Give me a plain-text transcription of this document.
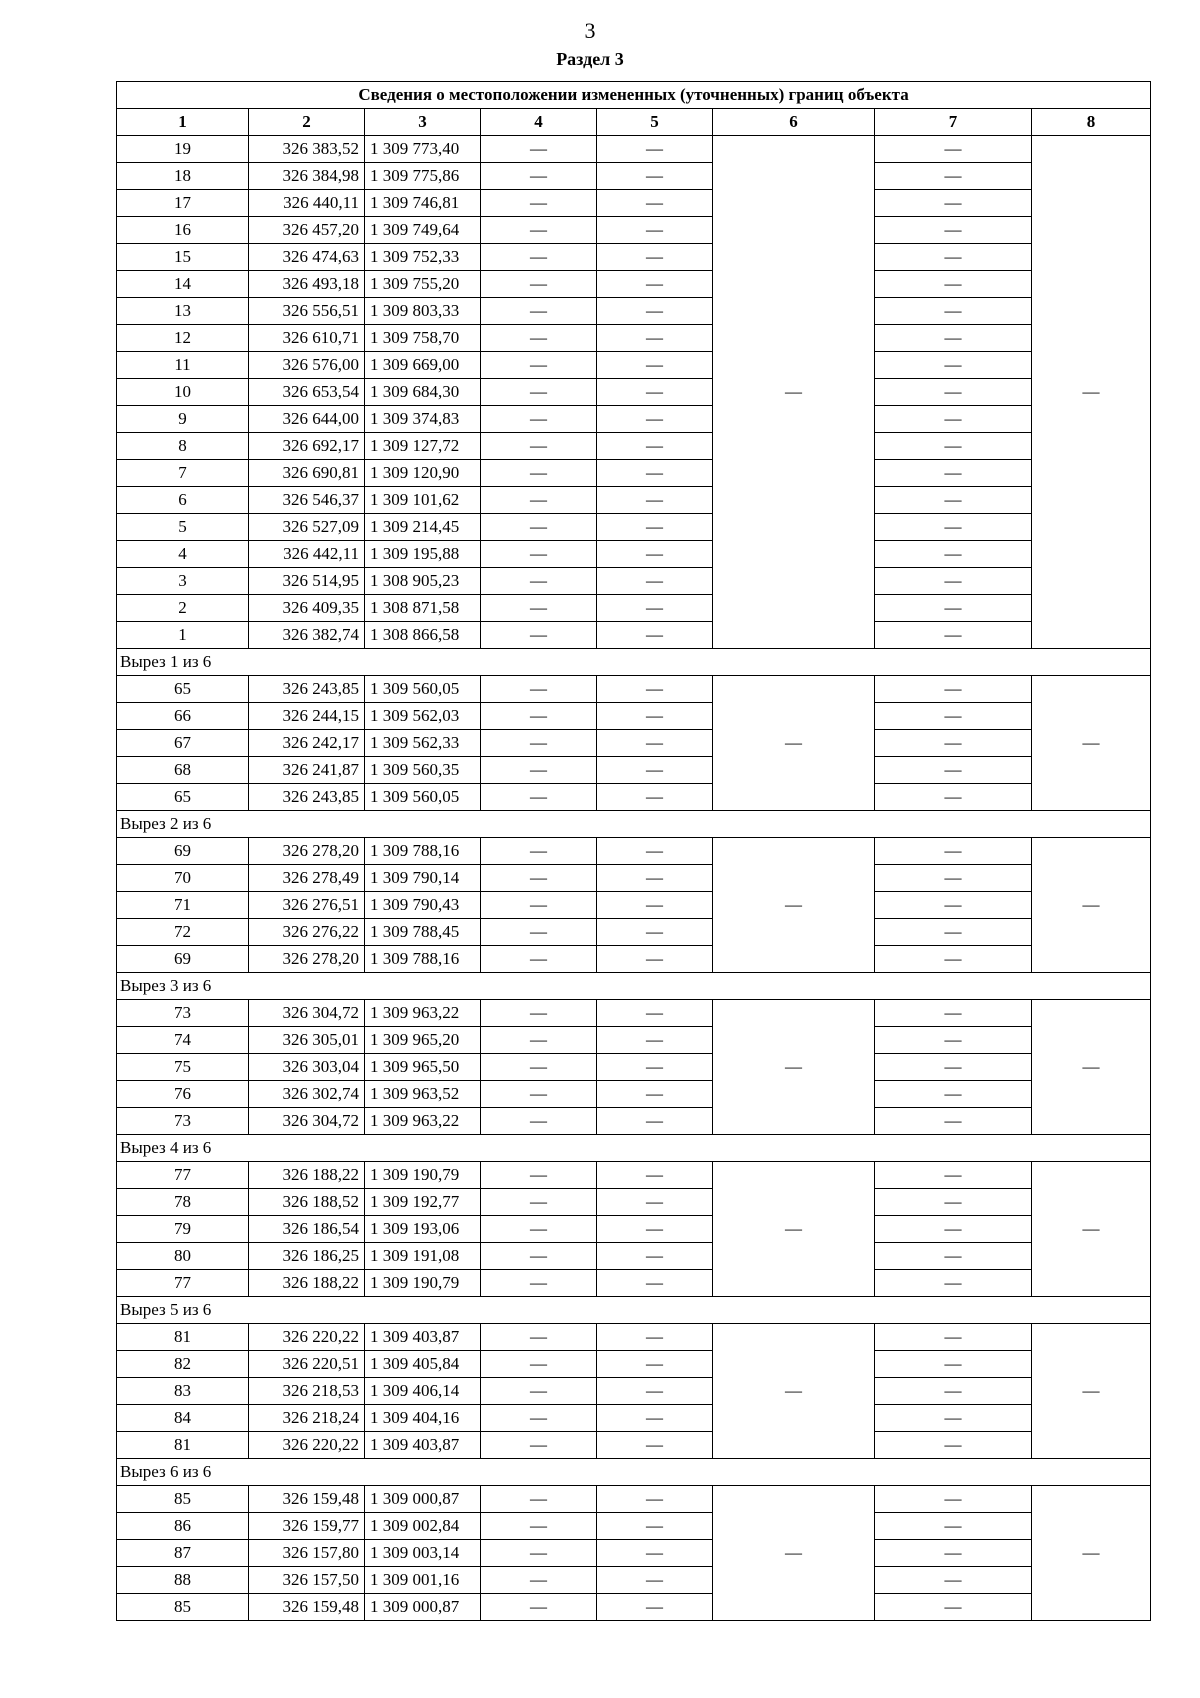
3
Раздел 3
Сведения о местоположении измененных (уточненных) границ объекта							
1	2	3	4	5	6	7	8
19	326 383,52	1 309 773,40	—	—	—	—	—
18	326 384,98	1 309 775,86	—	—		—	
17	326 440,11	1 309 746,81	—	—		—	
16	326 457,20	1 309 749,64	—	—		—	
15	326 474,63	1 309 752,33	—	—		—	
14	326 493,18	1 309 755,20	—	—		—	
13	326 556,51	1 309 803,33	—	—		—	
12	326 610,71	1 309 758,70	—	—		—	
11	326 576,00	1 309 669,00	—	—		—	
10	326 653,54	1 309 684,30	—	—		—	
9	326 644,00	1 309 374,83	—	—		—	
8	326 692,17	1 309 127,72	—	—		—	
7	326 690,81	1 309 120,90	—	—		—	
6	326 546,37	1 309 101,62	—	—		—	
5	326 527,09	1 309 214,45	—	—		—	
4	326 442,11	1 309 195,88	—	—		—	
3	326 514,95	1 308 905,23	—	—		—	
2	326 409,35	1 308 871,58	—	—		—	
1	326 382,74	1 308 866,58	—	—		—	
Вырез 1 из 6							
65	326 243,85	1 309 560,05	—	—	—	—	—
66	326 244,15	1 309 562,03	—	—		—	
67	326 242,17	1 309 562,33	—	—		—	
68	326 241,87	1 309 560,35	—	—		—	
65	326 243,85	1 309 560,05	—	—		—	
Вырез 2 из 6							
69	326 278,20	1 309 788,16	—	—	—	—	—
70	326 278,49	1 309 790,14	—	—		—	
71	326 276,51	1 309 790,43	—	—		—	
72	326 276,22	1 309 788,45	—	—		—	
69	326 278,20	1 309 788,16	—	—		—	
Вырез 3 из 6							
73	326 304,72	1 309 963,22	—	—	—	—	—
74	326 305,01	1 309 965,20	—	—		—	
75	326 303,04	1 309 965,50	—	—		—	
76	326 302,74	1 309 963,52	—	—		—	
73	326 304,72	1 309 963,22	—	—		—	
Вырез 4 из 6							
77	326 188,22	1 309 190,79	—	—	—	—	—
78	326 188,52	1 309 192,77	—	—		—	
79	326 186,54	1 309 193,06	—	—		—	
80	326 186,25	1 309 191,08	—	—		—	
77	326 188,22	1 309 190,79	—	—		—	
Вырез 5 из 6							
81	326 220,22	1 309 403,87	—	—	—	—	—
82	326 220,51	1 309 405,84	—	—		—	
83	326 218,53	1 309 406,14	—	—		—	
84	326 218,24	1 309 404,16	—	—		—	
81	326 220,22	1 309 403,87	—	—		—	
Вырез 6 из 6							
85	326 159,48	1 309 000,87	—	—	—	—	—
86	326 159,77	1 309 002,84	—	—		—	
87	326 157,80	1 309 003,14	—	—		—	
88	326 157,50	1 309 001,16	—	—		—	
85	326 159,48	1 309 000,87	—	—		—	
